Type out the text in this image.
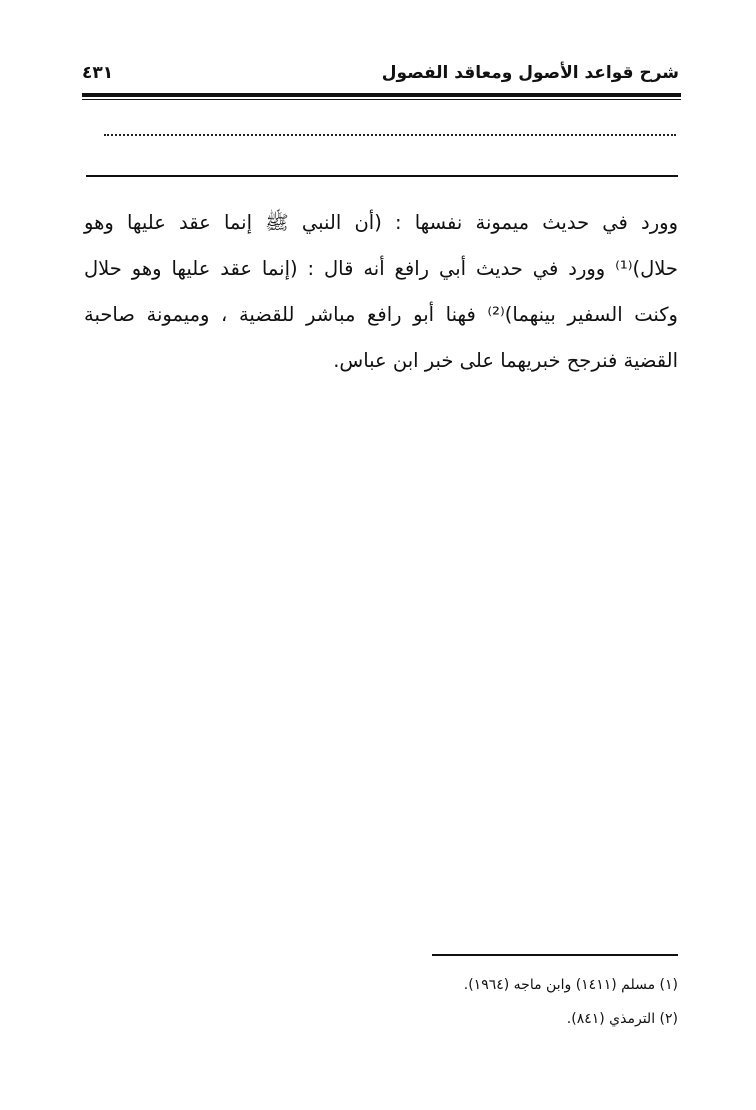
شرح قواعد الأصول ومعاقد الفصول
٤٣١
وورد في حديث ميمونة نفسها : (أن النبي ﷺ إنما عقد عليها وهو
حلال)⁽¹⁾ وورد في حديث أبي رافع أنه قال : (إنما عقد عليها وهو حلال
وكنت السفير بينهما)⁽²⁾ فهنا أبو رافع مباشر للقضية ، وميمونة صاحبة
القضية فنرجح خبريهما على خبر ابن عباس.
(١) مسلم (١٤١١) وابن ماجه (١٩٦٤).
(٢) الترمذي (٨٤١).
